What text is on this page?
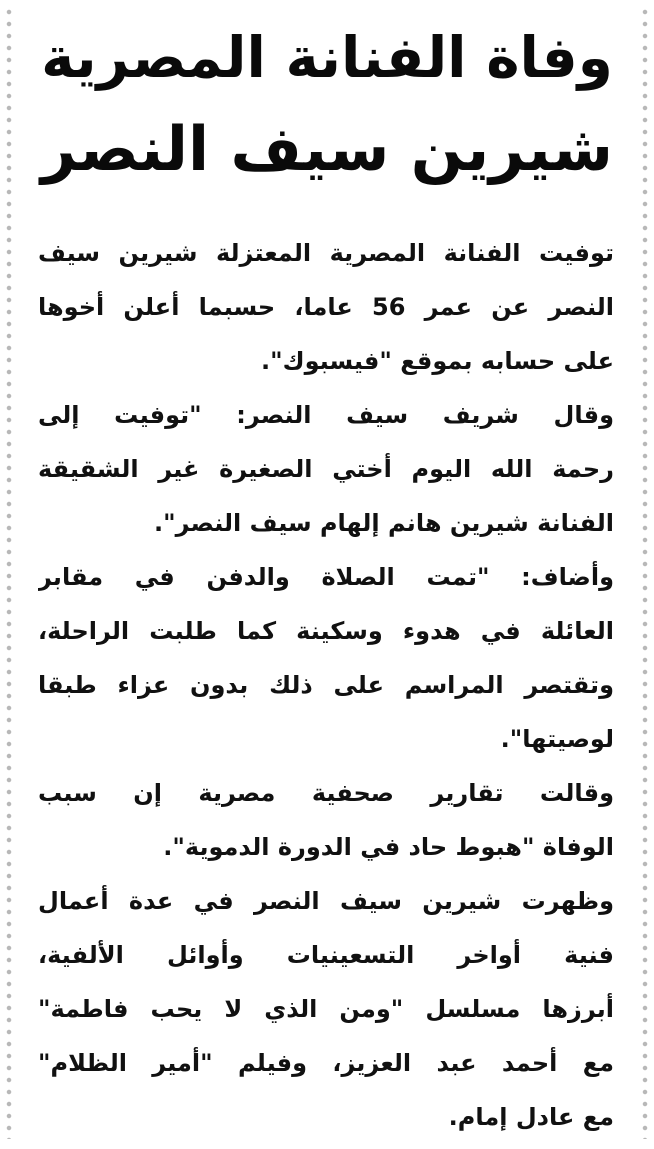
وفاة الفنانة المصرية
شيرين سيف النصر
توفيت الفنانة المصرية المعتزلة شيرين سيف
النصر عن عمر 56 عاما، حسبما أعلن أخوها
على حسابه بموقع "فيسبوك".
وقال شريف سيف النصر: "توفيت إلى
رحمة الله اليوم أختي الصغيرة غير الشقيقة
الفنانة شيرين هانم إلهام سيف النصر".
وأضاف: "تمت الصلاة والدفن في مقابر
العائلة في هدوء وسكينة كما طلبت الراحلة،
وتقتصر المراسم على ذلك بدون عزاء طبقا
لوصيتها".
وقالت تقارير صحفية مصرية إن سبب
الوفاة "هبوط حاد في الدورة الدموية".
وظهرت شيرين سيف النصر في عدة أعمال
فنية أواخر التسعينيات وأوائل الألفية،
أبرزها مسلسل "ومن الذي لا يحب فاطمة"
مع أحمد عبد العزيز، وفيلم "أمير الظلام"
مع عادل إمام.
